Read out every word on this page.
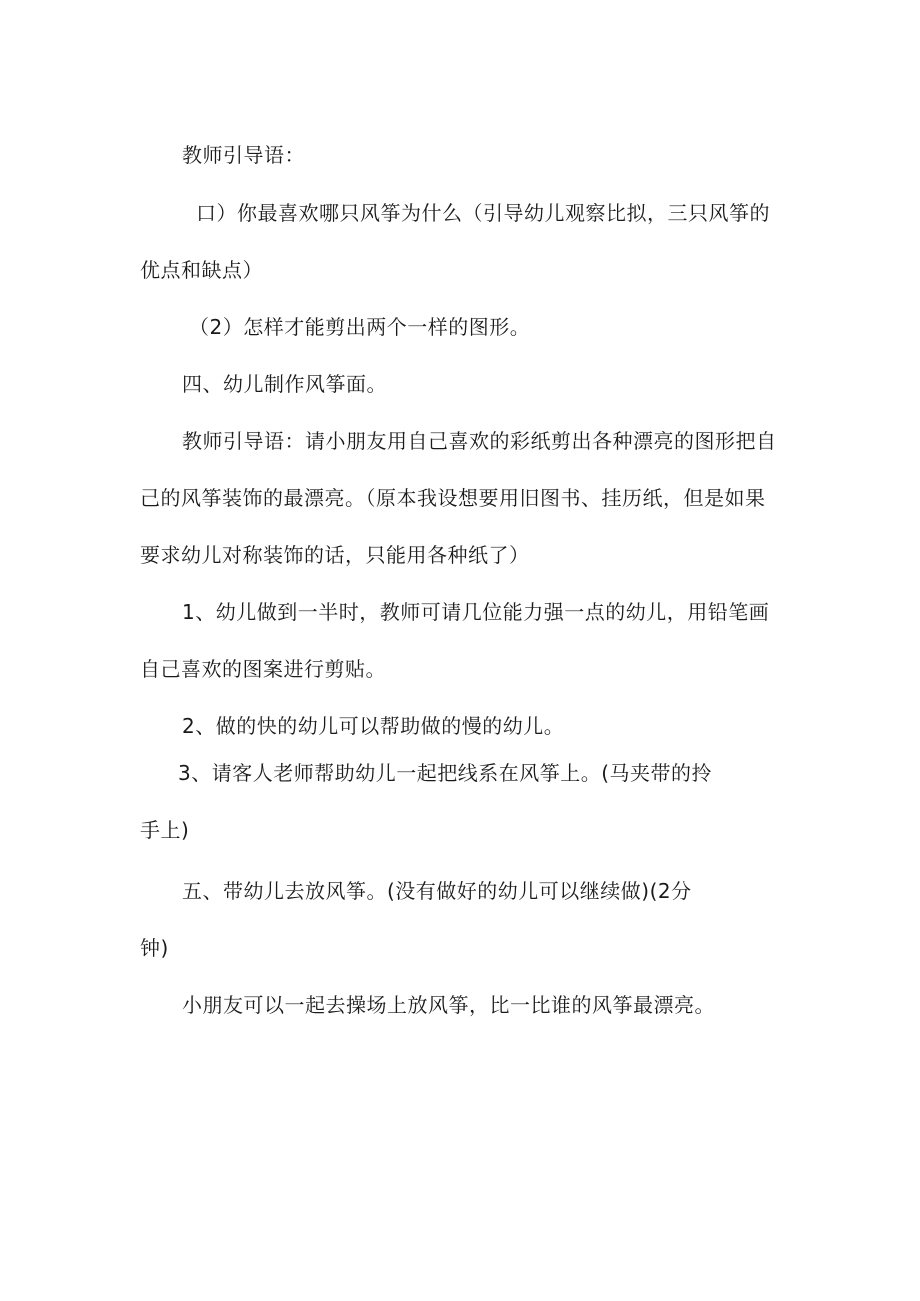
教师引导语：
口）你最喜欢哪只风筝为什么（引导幼儿观察比拟，三只风筝的
优点和缺点）
（2）怎样才能剪出两个一样的图形。
四、幼儿制作风筝面。
教师引导语：请小朋友用自己喜欢的彩纸剪出各种漂亮的图形把自
己的风筝装饰的最漂亮。（原本我设想要用旧图书、挂历纸，但是如果
要求幼儿对称装饰的话，只能用各种纸了）
1、幼儿做到一半时，教师可请几位能力强一点的幼儿，用铅笔画
自己喜欢的图案进行剪贴。
2、做的快的幼儿可以帮助做的慢的幼儿。
3、请客人老师帮助幼儿一起把线系在风筝上。(马夹带的拎
手上)
五、带幼儿去放风筝。(没有做好的幼儿可以继续做)(2分
钟)
小朋友可以一起去操场上放风筝，比一比谁的风筝最漂亮。
